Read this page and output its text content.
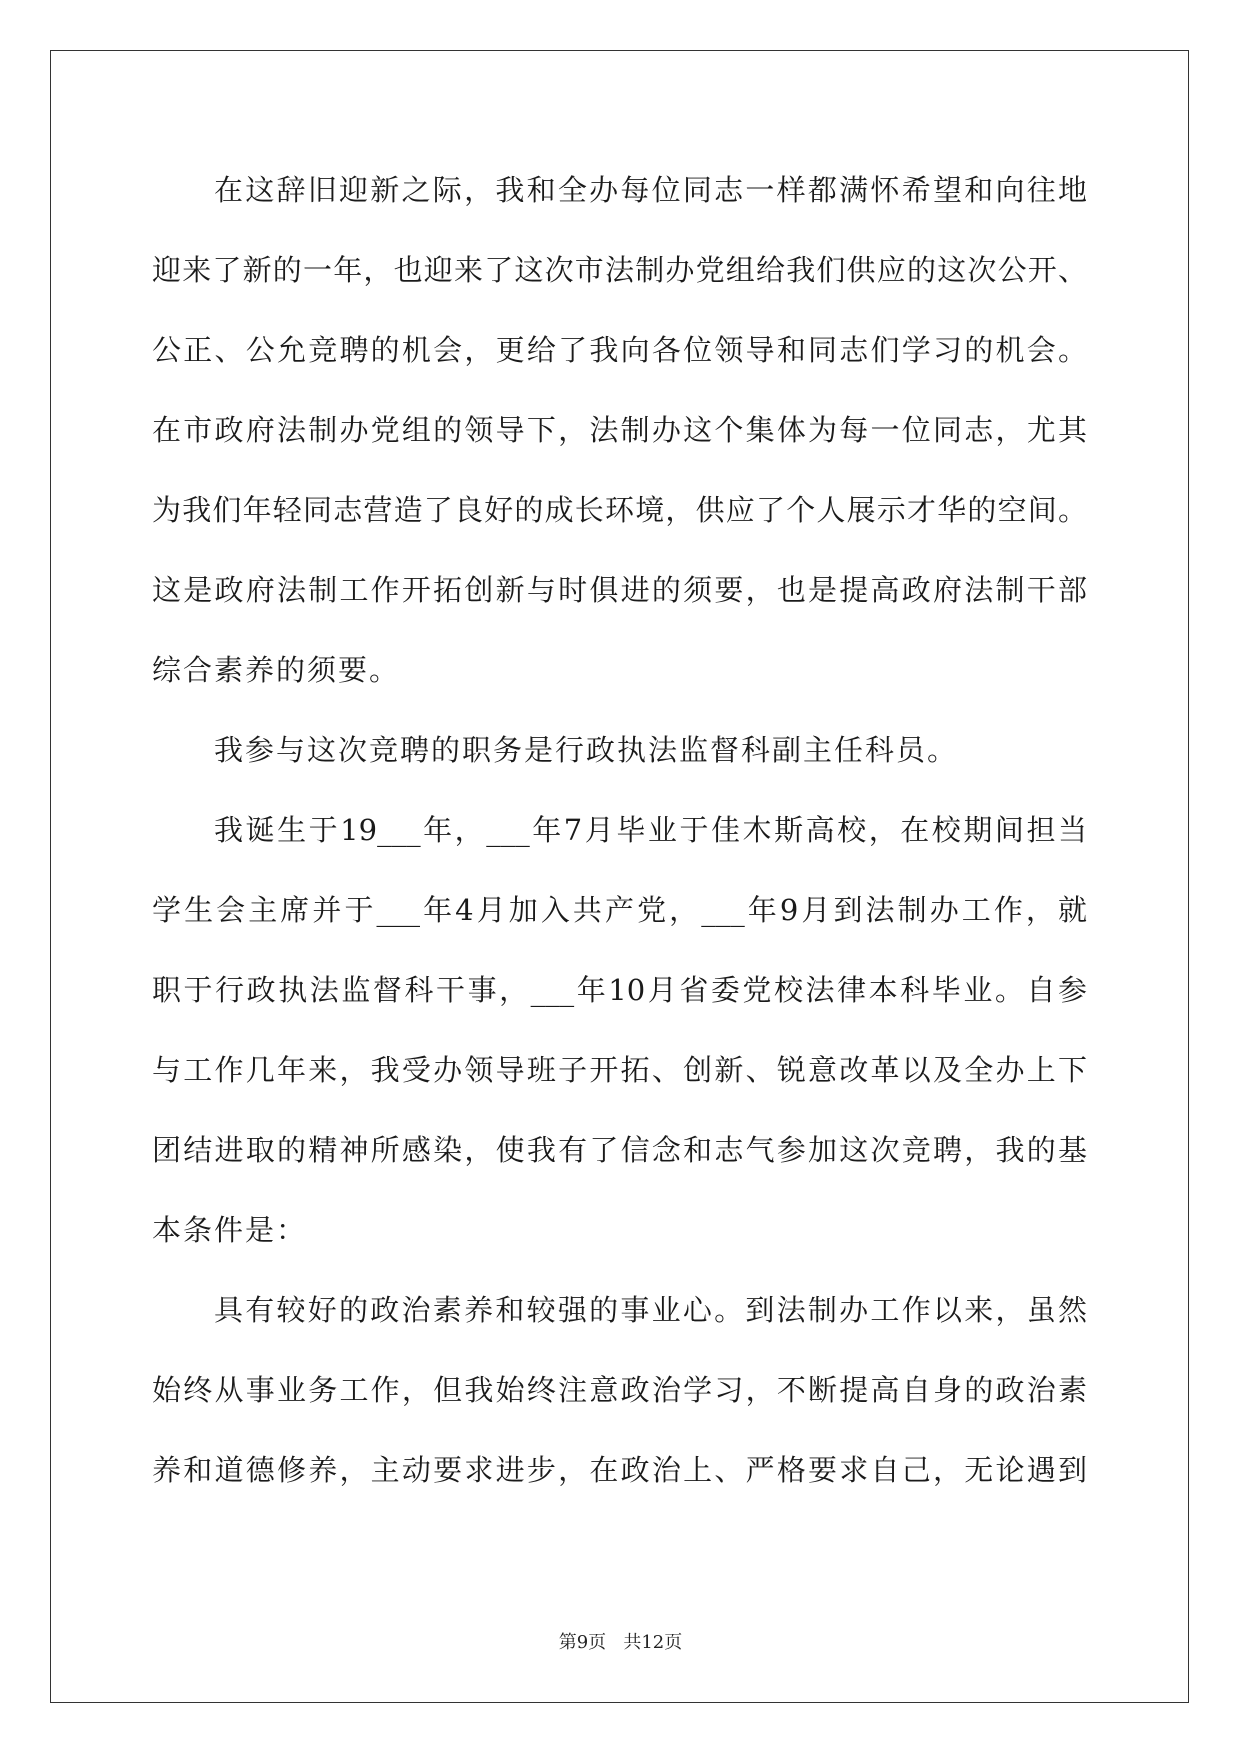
在这辞旧迎新之际，我和全办每位同志一样都满怀希望和向往地
迎来了新的一年，也迎来了这次市法制办党组给我们供应的这次公开、
公正、公允竞聘的机会，更给了我向各位领导和同志们学习的机会。
在市政府法制办党组的领导下，法制办这个集体为每一位同志，尤其
为我们年轻同志营造了良好的成长环境，供应了个人展示才华的空间。
这是政府法制工作开拓创新与时俱进的须要，也是提高政府法制干部
综合素养的须要。
我参与这次竞聘的职务是行政执法监督科副主任科员。
我诞生于19___年，___年7月毕业于佳木斯高校，在校期间担当
学生会主席并于___年4月加入共产党，___年9月到法制办工作，就
职于行政执法监督科干事，___年10月省委党校法律本科毕业。自参
与工作几年来，我受办领导班子开拓、创新、锐意改革以及全办上下
团结进取的精神所感染，使我有了信念和志气参加这次竞聘，我的基
本条件是：
具有较好的政治素养和较强的事业心。到法制办工作以来，虽然
始终从事业务工作，但我始终注意政治学习，不断提高自身的政治素
养和道德修养，主动要求进步，在政治上、严格要求自己，无论遇到
第9页   共12页
